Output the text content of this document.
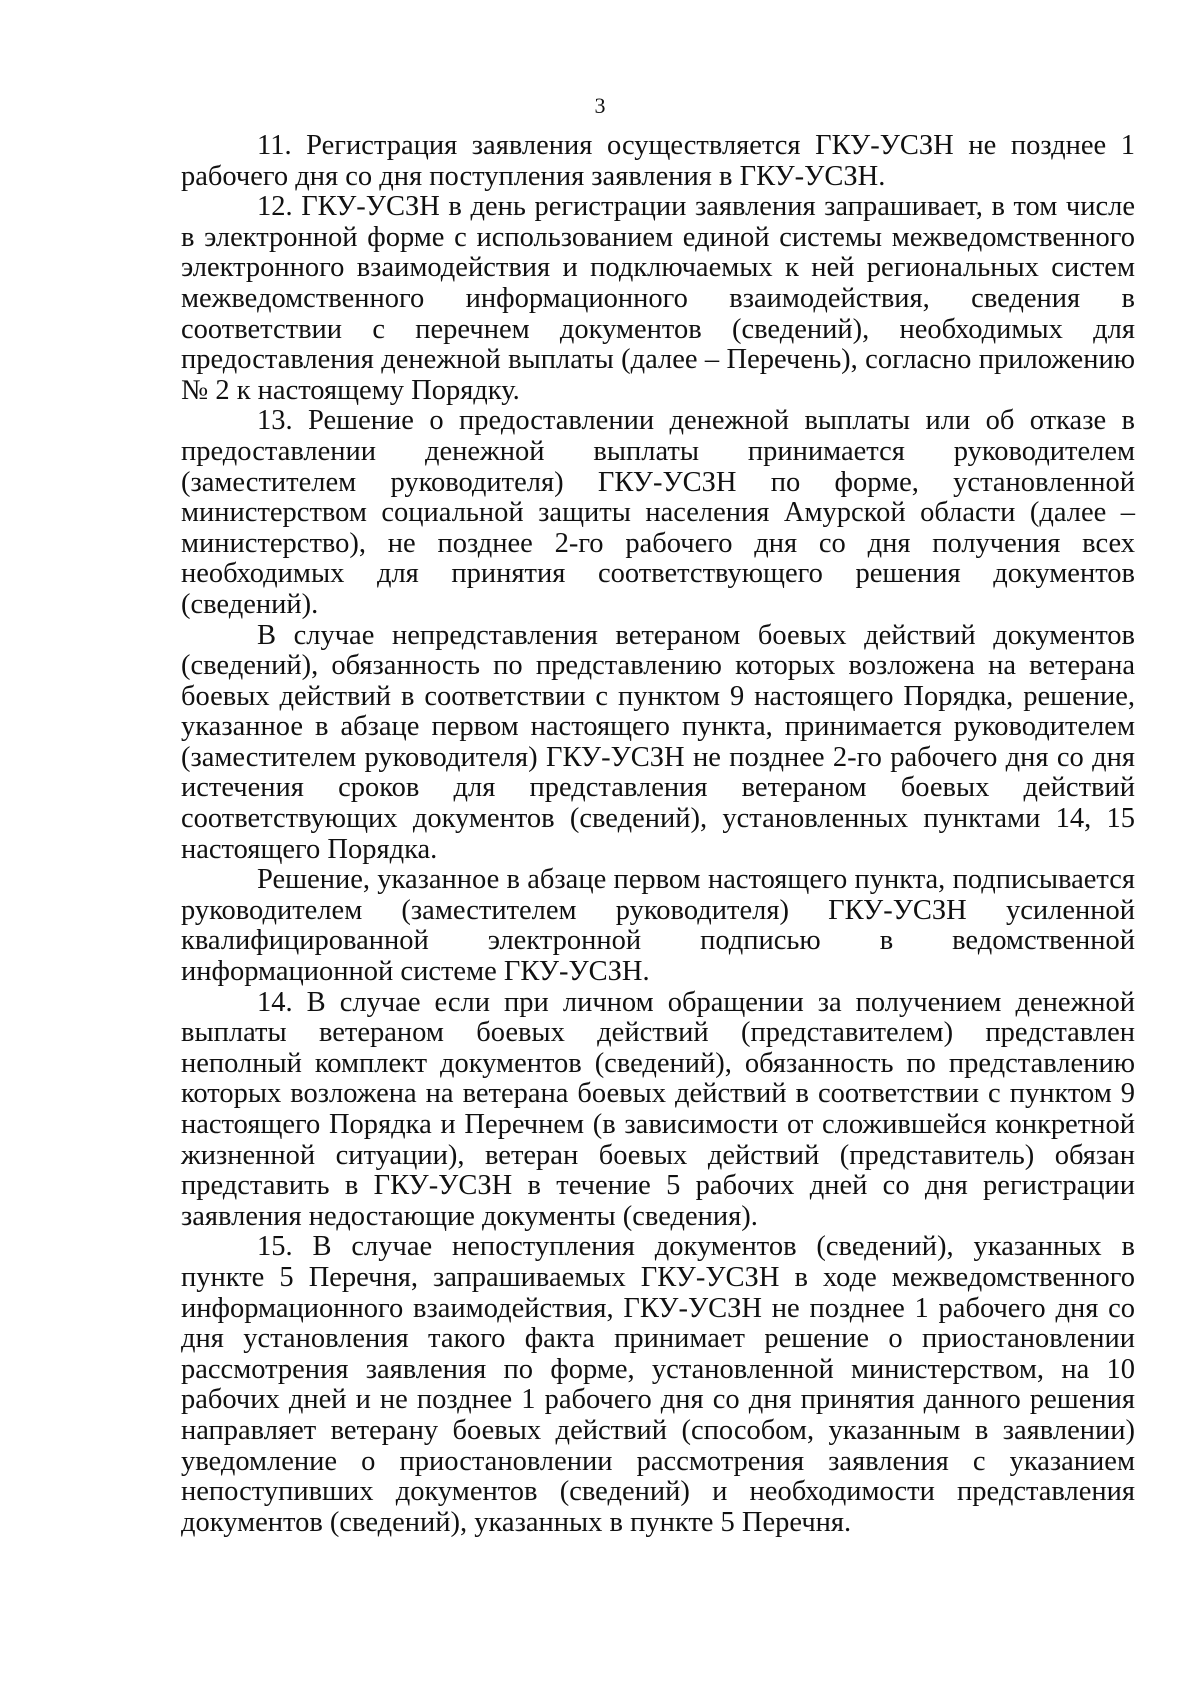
3

11. Регистрация заявления осуществляется ГКУ-УСЗН не позднее 1 рабочего дня со дня поступления заявления в ГКУ-УСЗН.

12. ГКУ-УСЗН в день регистрации заявления запрашивает, в том числе в электронной форме с использованием единой системы межведомственного электронного взаимодействия и подключаемых к ней региональных систем межведомственного информационного взаимодействия, сведения в соответствии с перечнем документов (сведений), необходимых для предоставления денежной выплаты (далее – Перечень), согласно приложению № 2 к настоящему Порядку.

13. Решение о предоставлении денежной выплаты или об отказе в предоставлении денежной выплаты принимается руководителем (заместителем руководителя) ГКУ-УСЗН по форме, установленной министерством социальной защиты населения Амурской области (далее – министерство), не позднее 2-го рабочего дня со дня получения всех необходимых для принятия соответствующего решения документов (сведений).

В случае непредставления ветераном боевых действий документов (сведений), обязанность по представлению которых возложена на ветерана боевых действий в соответствии с пунктом 9 настоящего Порядка, решение, указанное в абзаце первом настоящего пункта, принимается руководителем (заместителем руководителя) ГКУ-УСЗН не позднее 2-го рабочего дня со дня истечения сроков для представления ветераном боевых действий соответствующих документов (сведений), установленных пунктами 14, 15 настоящего Порядка.

Решение, указанное в абзаце первом настоящего пункта, подписывается руководителем (заместителем руководителя) ГКУ-УСЗН усиленной квалифицированной электронной подписью в ведомственной информационной системе ГКУ-УСЗН.

14. В случае если при личном обращении за получением денежной выплаты ветераном боевых действий (представителем) представлен неполный комплект документов (сведений), обязанность по представлению которых возложена на ветерана боевых действий в соответствии с пунктом 9 настоящего Порядка и Перечнем (в зависимости от сложившейся конкретной жизненной ситуации), ветеран боевых действий (представитель) обязан представить в ГКУ-УСЗН в течение 5 рабочих дней со дня регистрации заявления недостающие документы (сведения).

15. В случае непоступления документов (сведений), указанных в пункте 5 Перечня, запрашиваемых ГКУ-УСЗН в ходе межведомственного информационного взаимодействия, ГКУ-УСЗН не позднее 1 рабочего дня со дня установления такого факта принимает решение о приостановлении рассмотрения заявления по форме, установленной министерством, на 10 рабочих дней и не позднее 1 рабочего дня со дня принятия данного решения направляет ветерану боевых действий (способом, указанным в заявлении) уведомление о приостановлении рассмотрения заявления с указанием непоступивших документов (сведений) и необходимости представления документов (сведений), указанных в пункте 5 Перечня.
